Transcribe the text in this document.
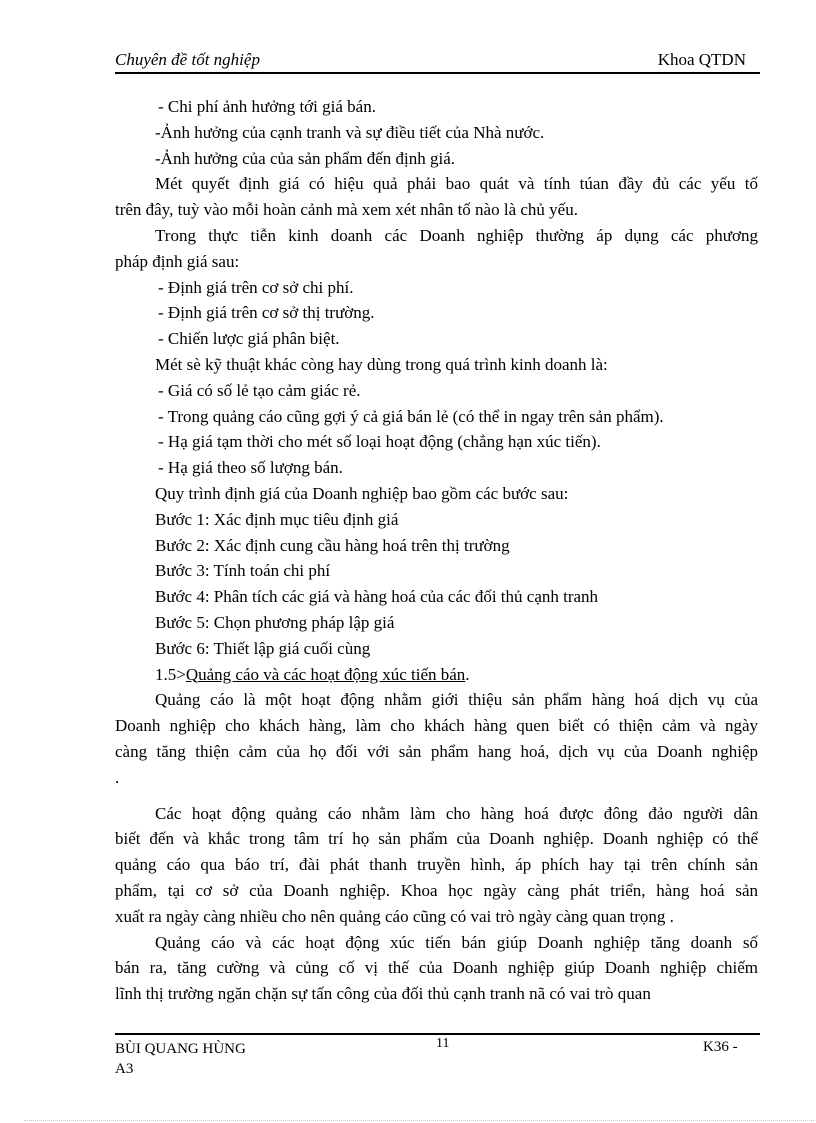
Chuyên đề tốt nghiệp	Khoa QTDN
- Chi phí ảnh hưởng tới giá bán.
-Ảnh hưởng của cạnh tranh và sự điều tiết của Nhà nước.
-Ảnh hưởng của của sản phẩm đến định giá.
Mét quyết định giá có hiệu quả phải bao quát và tính túan đầy đủ các yếu tố
trên đây, tuỳ vào mỗi hoàn cảnh mà xem xét nhân tố nào là chủ yếu.
Trong thực tiễn kinh doanh các Doanh nghiệp thường áp dụng các phương
pháp định giá sau:
- Định giá trên cơ sở chi phí.
- Định giá trên cơ sở thị trường.
- Chiến lược giá phân biệt.
Mét sè kỹ thuật khác còng hay dùng trong quá trình kinh doanh là:
- Giá có số lẻ tạo cảm giác rẻ.
- Trong quảng cáo cũng gợi ý cả giá bán lẻ (có thể in ngay trên sản phẩm).
- Hạ giá tạm thời cho mét số loại hoạt động (chẳng hạn xúc tiến).
- Hạ giá theo số lượng bán.
Quy trình định giá của Doanh nghiệp bao gồm các bước sau:
Bước 1: Xác định mục tiêu định giá
Bước 2: Xác định cung cầu hàng hoá trên thị trường
Bước 3: Tính toán chi phí
Bước 4: Phân tích các giá và hàng hoá của các đối thủ cạnh tranh
Bước 5: Chọn phương pháp lập giá
Bước 6: Thiết lập giá cuối cùng
1.5>Quảng cáo và các hoạt động xúc tiến bán.
Quảng cáo là một hoạt động nhằm giới thiệu sản phẩm hàng hoá dịch vụ của
Doanh nghiệp cho khách hàng, làm cho khách hàng quen biết có thiện cảm và ngày
càng tăng thiện cảm của họ đối với sản phẩm hang hoá, dịch vụ của Doanh nghiệp
.
Các hoạt động quảng cáo nhằm làm cho hàng hoá được đông đảo người dân
biết đến và khắc trong tâm trí họ sản phẩm của Doanh nghiệp. Doanh nghiệp có thể
quảng cáo qua báo trí, đài phát thanh truyền hình, áp phích hay tại trên chính sản
phẩm, tại cơ sở của Doanh nghiệp. Khoa học ngày càng phát triển, hàng hoá sản
xuất ra ngày càng nhiều cho nên quảng cáo cũng có vai trò ngày càng quan trọng .
Quảng cáo và các hoạt động xúc tiến bán giúp Doanh nghiệp tăng doanh số
bán ra, tăng cường và củng cố vị thế của Doanh nghiệp giúp Doanh nghiệp chiếm
lĩnh thị trường ngăn chặn sự tấn công của đối thủ cạnh tranh nã có vai trò quan
BÙI QUANG HÙNG
A3
11	K36 -
